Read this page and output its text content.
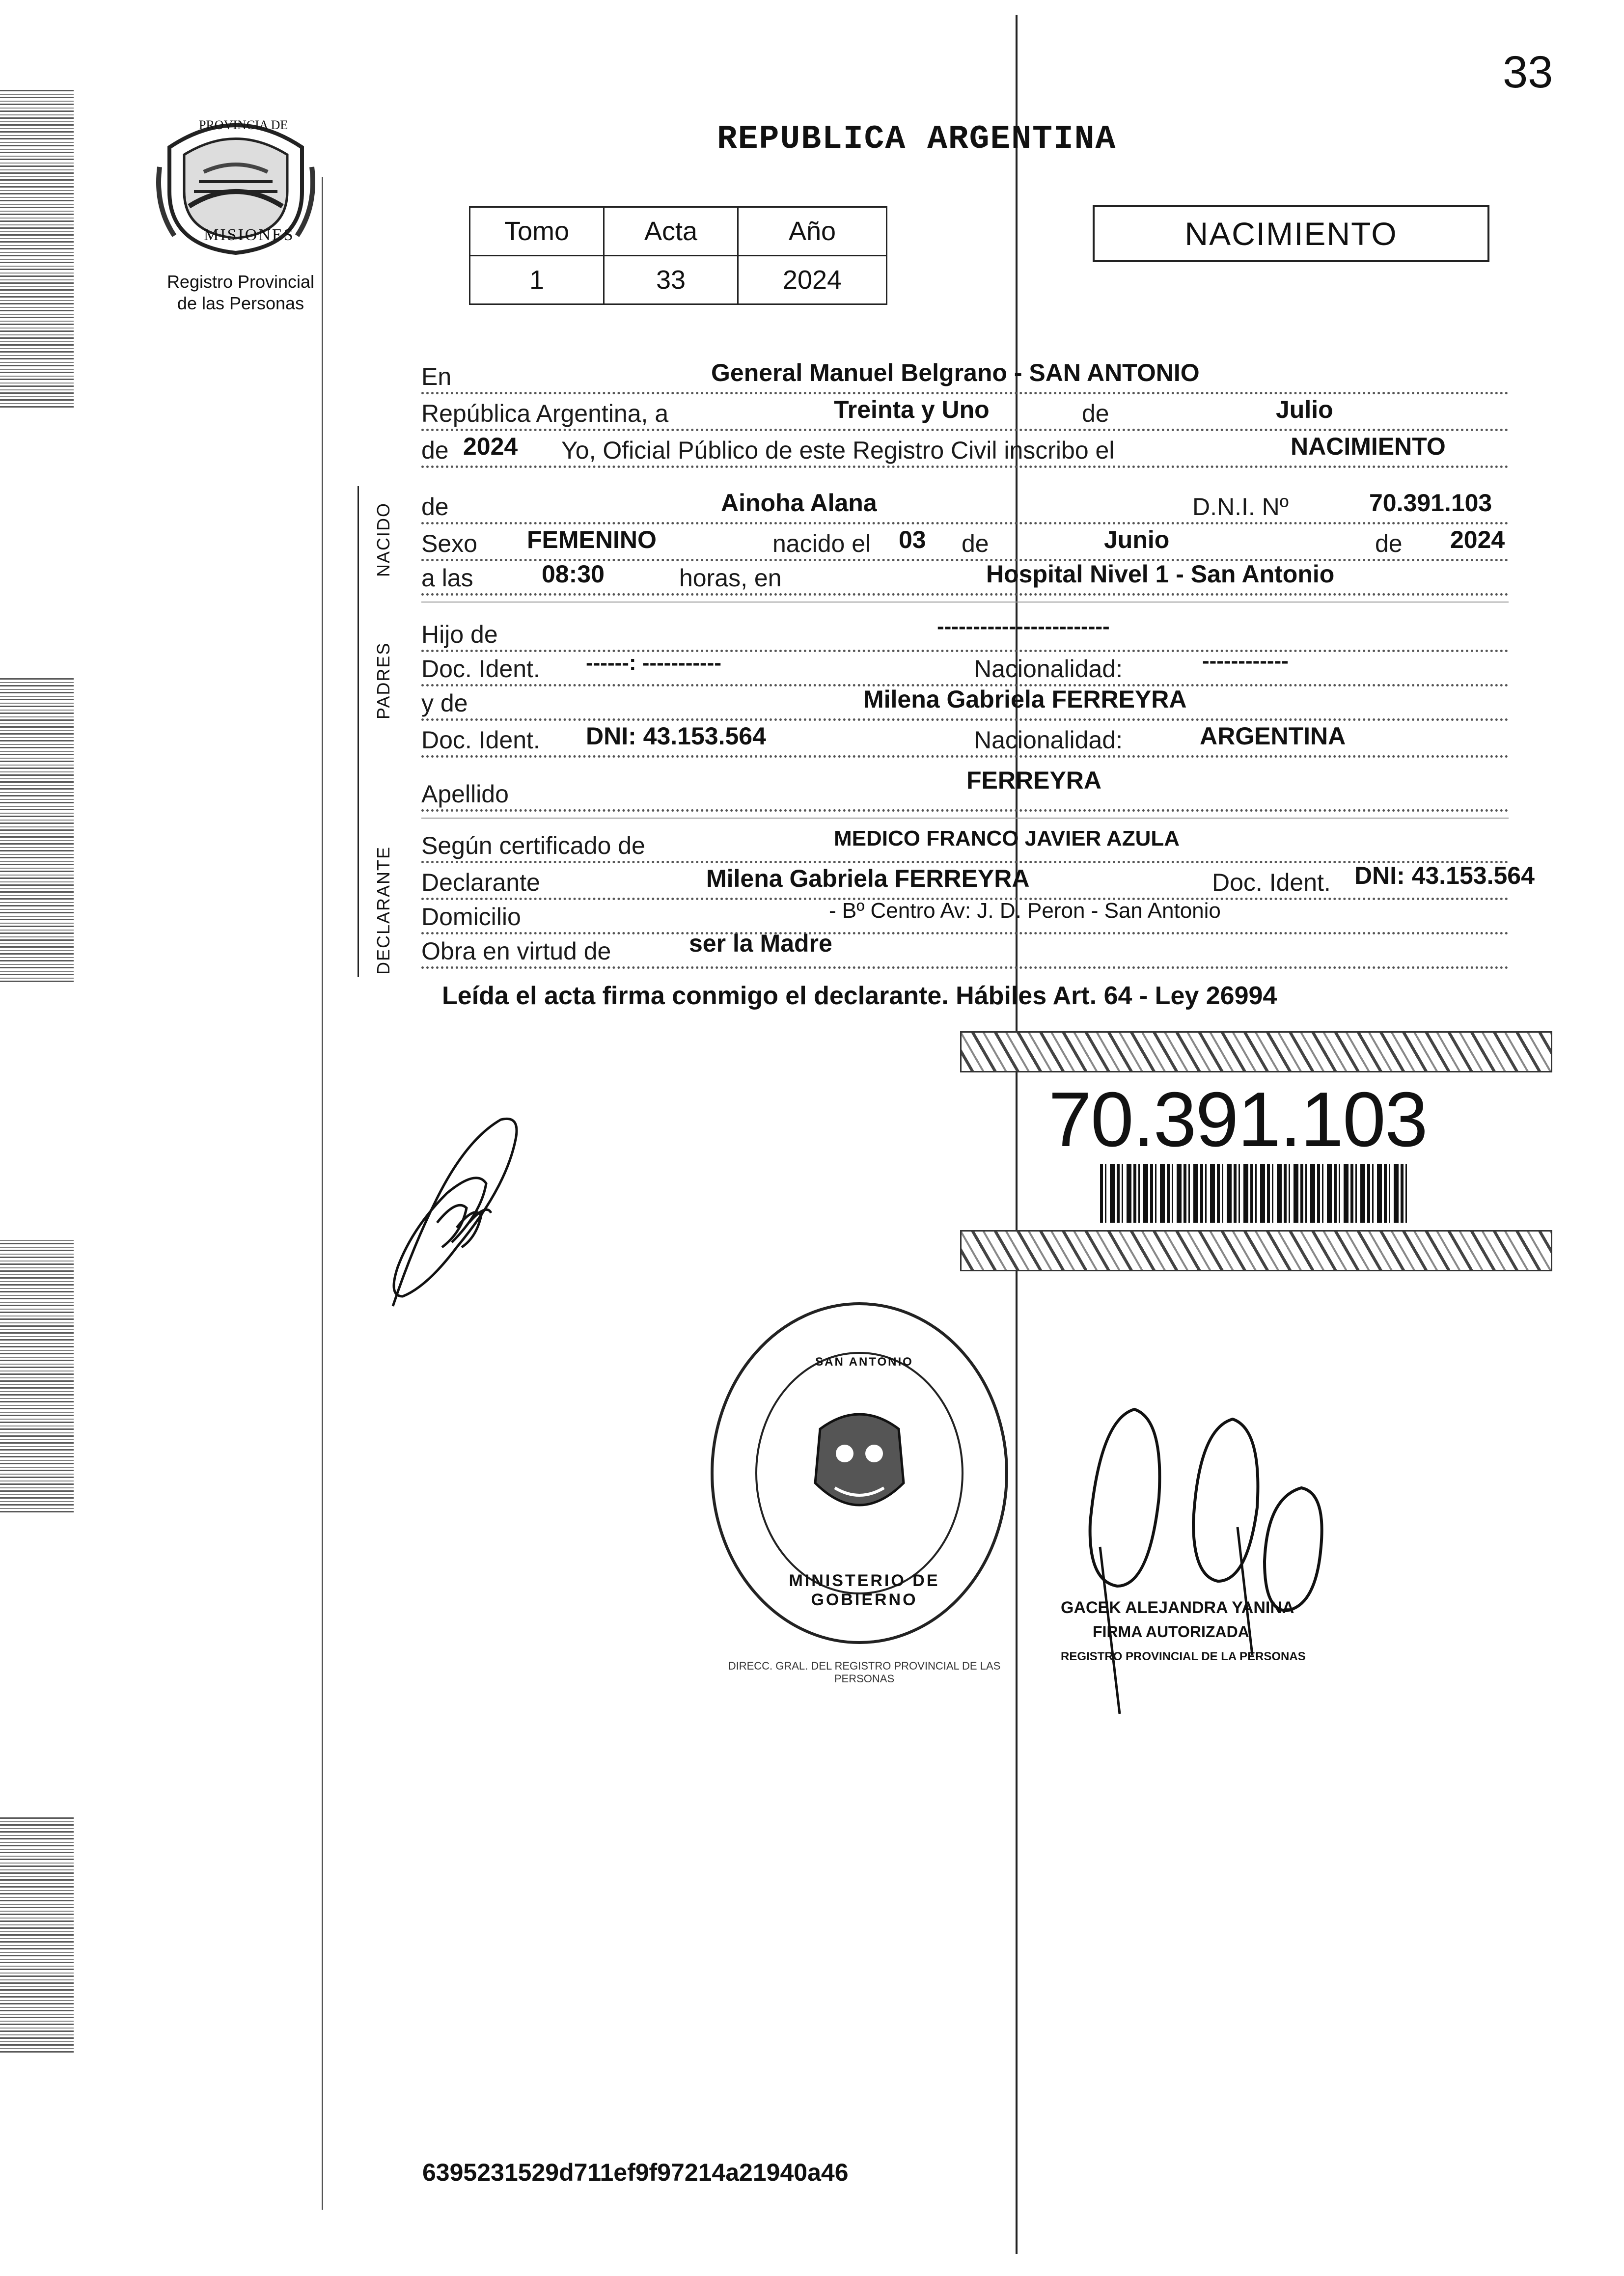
33
PROVINCIA DE
MISIONES
Registro Provincial
de las Personas
REPUBLICA ARGENTINA
Tomo	Acta	Año
1	33	2024
NACIMIENTO
NACIDO
PADRES
DECLARANTE
En	General Manuel Belgrano - SAN ANTONIO
República Argentina, a	Treinta y Uno	de	Julio
de 2024 Yo, Oficial Público de este Registro Civil inscribo el	NACIMIENTO
de	Ainoha Alana	D.N.I. Nº	70.391.103
Sexo FEMENINO	nacido el 03 de	Junio	de 2024
a las	08:30	horas, en	Hospital Nivel 1 - San Antonio
Hijo de	------------------------
Doc. Ident. ------: -----------	Nacionalidad:	------------
y de	Milena Gabriela FERREYRA
Doc. Ident. DNI: 43.153.564	Nacionalidad:	ARGENTINA
Apellido	FERREYRA
Según certificado de	MEDICO FRANCO JAVIER AZULA
Declarante	Milena Gabriela FERREYRA	Doc. Ident. DNI: 43.153.564
Domicilio	- Bº Centro Av: J. D. Peron - San Antonio
Obra en virtud de	ser la Madre
Leída el acta firma conmigo el declarante. Hábiles Art. 64 - Ley 26994
70.391.103
DIRECC. GRAL. DEL REGISTRO PROVINCIAL DE LAS PERSONAS
MINISTERIO DE GOBIERNO
SAN ANTONIO
GACEK ALEJANDRA YANINA
FIRMA AUTORIZADA
REGISTRO PROVINCIAL DE LA PERSONAS
6395231529d711ef9f97214a21940a46
